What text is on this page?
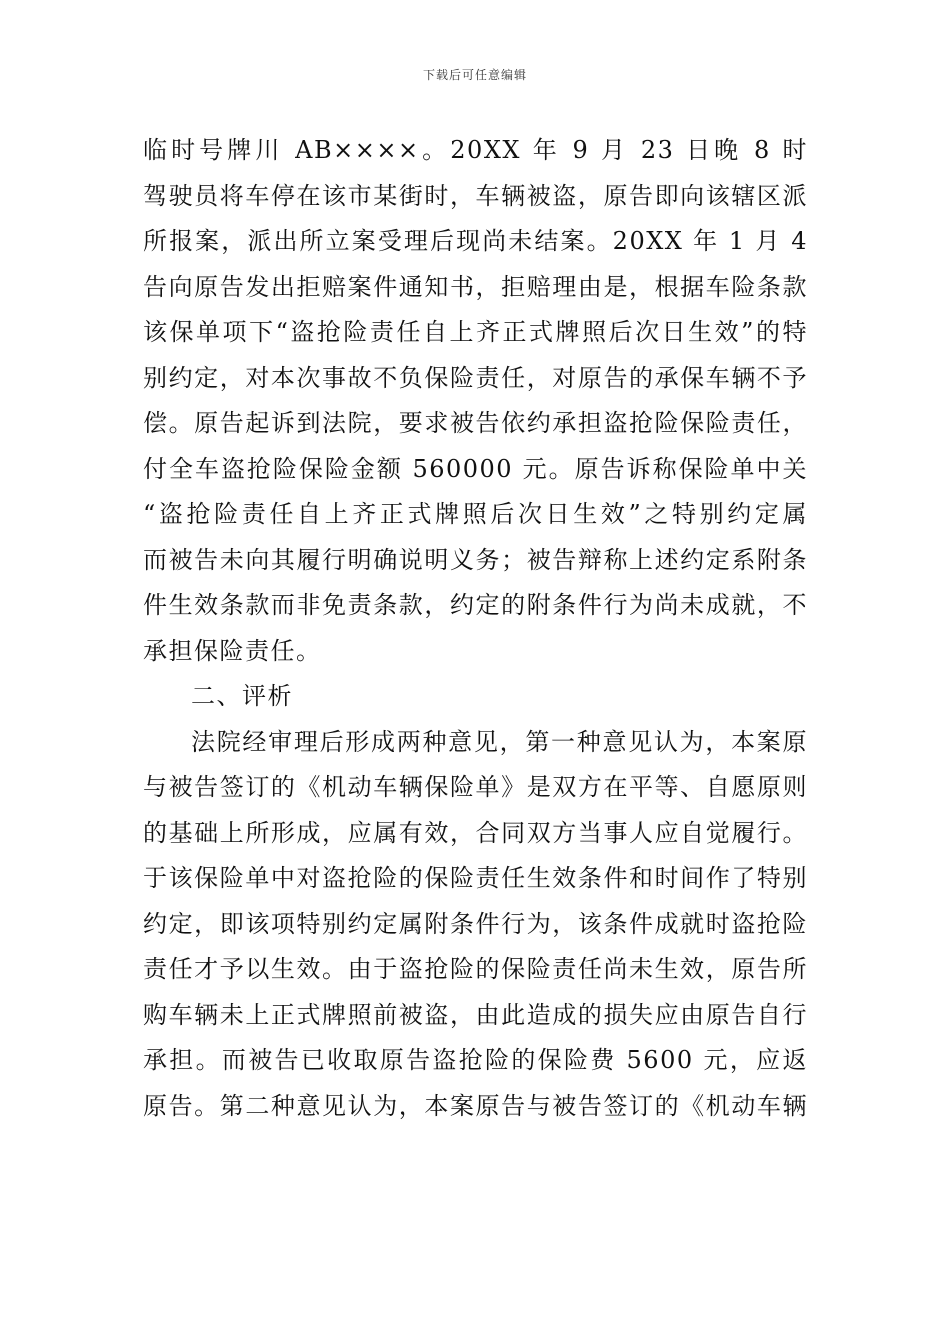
下载后可任意编辑
临时号牌川 AB××××。20XX 年 9 月 23 日晚 8 时
驾驶员将车停在该市某街时，车辆被盗，原告即向该辖区派
所报案，派出所立案受理后现尚未结案。20XX 年 1 月 4
告向原告发出拒赔案件通知书，拒赔理由是，根据车险条款
该保单项下“盗抢险责任自上齐正式牌照后次日生效”的特
别约定，对本次事故不负保险责任，对原告的承保车辆不予
偿。原告起诉到法院，要求被告依约承担盗抢险保险责任，
付全车盗抢险保险金额 560000 元。原告诉称保险单中关
“盗抢险责任自上齐正式牌照后次日生效”之特别约定属
而被告未向其履行明确说明义务；被告辩称上述约定系附条
件生效条款而非免责条款，约定的附条件行为尚未成就，不
承担保险责任。
二、评析
法院经审理后形成两种意见，第一种意见认为，本案原
与被告签订的《机动车辆保险单》是双方在平等、自愿原则
的基础上所形成，应属有效，合同双方当事人应自觉履行。
于该保险单中对盗抢险的保险责任生效条件和时间作了特别
约定，即该项特别约定属附条件行为，该条件成就时盗抢险
责任才予以生效。由于盗抢险的保险责任尚未生效，原告所
购车辆未上正式牌照前被盗，由此造成的损失应由原告自行
承担。而被告已收取原告盗抢险的保险费 5600 元，应返
原告。第二种意见认为，本案原告与被告签订的《机动车辆
